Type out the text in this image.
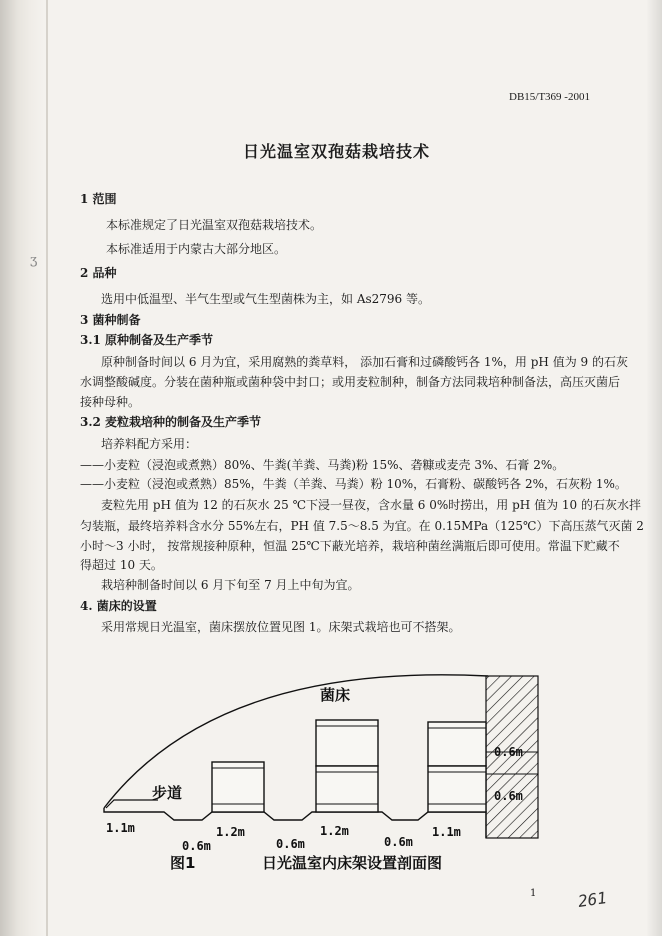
ʒ
DB15/T369 -2001
日光温室双孢菇栽培技术
1 范围
本标准规定了日光温室双孢菇栽培技术。
本标准适用于内蒙古大部分地区。
2 品种
选用中低温型、半气生型或气生型菌株为主，如 As2796 等。
3 菌种制备
3.1 原种制备及生产季节
原种制备时间以 6 月为宜，采用腐熟的粪草料， 添加石膏和过磷酸钙各 1%，用 pH 值为 9 的石灰
水调整酸碱度。分装在菌种瓶或菌种袋中封口；或用麦粒制种，制备方法同栽培种制备法，高压灭菌后
接种母种。
3.2 麦粒栽培种的制备及生产季节
培养料配方采用：
——小麦粒（浸泡或煮熟）80%、牛粪(羊粪、马粪)粉 15%、砻糠或麦壳 3%、石膏 2%。
——小麦粒（浸泡或煮熟）85%，牛粪（羊粪、马粪）粉 10%，石膏粉、碳酸钙各 2%，石灰粉 1%。
麦粒先用 pH 值为 12 的石灰水 25 ℃下浸一昼夜，含水量 6 0%时捞出，用 pH 值为 10 的石灰水拌
匀装瓶，最终培养料含水分 55%左右，PH 值 7.5～8.5 为宜。在 0.15MPa（125℃）下高压蒸气灭菌 2
小时～3 小时， 按常规接种原种，恒温 25℃下蔽光培养，栽培种菌丝满瓶后即可使用。常温下贮藏不
得超过 10 天。
栽培种制备时间以 6 月下旬至 7 月上中旬为宜。
4. 菌床的设置
采用常规日光温室，菌床摆放位置见图 1。床架式栽培也可不搭架。
菌床
步道
0.6m
0.6m
1.1m
0.6m
1.2m
0.6m
1.2m
0.6m
1.1m
图1	日光温室内床架设置剖面图
1	261
